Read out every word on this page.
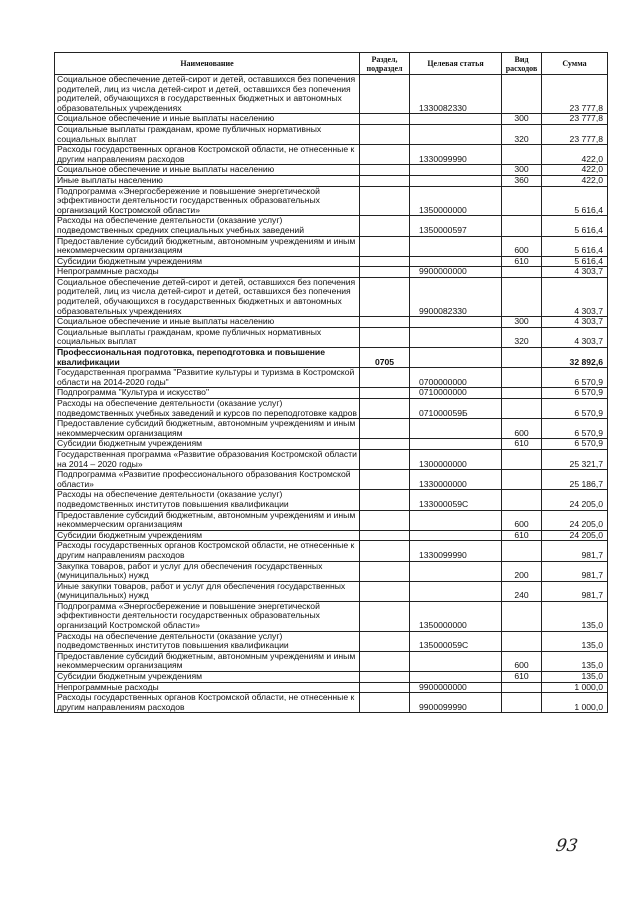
Наименование	Раздел, подраздел	Целевая статья	Вид расходов	Сумма
Социальное обеспечение детей-сирот и детей, оставшихся без попечения родителей, лиц из числа детей-сирот и детей, оставшихся без попечения родителей, обучающихся в государственных бюджетных и автономных образовательных учреждениях		1330082330		23 777,8
Социальное обеспечение и иные выплаты населению			300	23 777,8
Социальные выплаты гражданам, кроме публичных нормативных социальных выплат			320	23 777,8
Расходы государственных органов Костромской области, не отнесенные к другим направлениям расходов		1330099990		422,0
Социальное обеспечение и иные выплаты населению			300	422,0
Иные выплаты населению			360	422,0
Подпрограмма «Энергосбережение и повышение энергетической эффективности деятельности государственных образовательных организаций Костромской области»		1350000000		5 616,4
Расходы на обеспечение деятельности (оказание услуг) подведомственных средних специальных учебных заведений		1350000597		5 616,4
Предоставление субсидий бюджетным, автономным учреждениям и иным некоммерческим организациям			600	5 616,4
Субсидии бюджетным учреждениям			610	5 616,4
Непрограммные расходы		9900000000		4 303,7
Социальное обеспечение детей-сирот и детей, оставшихся без попечения родителей, лиц из числа детей-сирот и детей, оставшихся без попечения родителей, обучающихся в государственных бюджетных и автономных образовательных учреждениях		9900082330		4 303,7
Социальное обеспечение и иные выплаты населению			300	4 303,7
Социальные выплаты гражданам, кроме публичных нормативных социальных выплат			320	4 303,7
Профессиональная подготовка, переподготовка и повышение квалификации	0705			32 892,6
Государственная программа "Развитие культуры и туризма в Костромской области на 2014-2020 годы"		0700000000		6 570,9
Подпрограмма "Культура и искусство"		0710000000		6 570,9
Расходы на обеспечение деятельности (оказание услуг) подведомственных учебных заведений и курсов по переподготовке кадров		071000059Б		6 570,9
Предоставление субсидий бюджетным, автономным учреждениям и иным некоммерческим организациям			600	6 570,9
Субсидии бюджетным учреждениям			610	6 570,9
Государственная программа «Развитие образования Костромской области на 2014 – 2020 годы»		1300000000		25 321,7
Подпрограмма «Развитие профессионального образования Костромской области»		1330000000		25 186,7
Расходы на обеспечение деятельности (оказание услуг) подведомственных институтов повышения квалификации		133000059С		24 205,0
Предоставление субсидий бюджетным, автономным учреждениям и иным некоммерческим организациям			600	24 205,0
Субсидии бюджетным учреждениям			610	24 205,0
Расходы государственных органов Костромской области, не отнесенные к другим направлениям расходов		1330099990		981,7
Закупка товаров, работ и услуг для обеспечения государственных (муниципальных) нужд			200	981,7
Иные закупки товаров, работ и услуг для обеспечения государственных (муниципальных) нужд			240	981,7
Подпрограмма «Энергосбережение и повышение энергетической эффективности деятельности государственных образовательных организаций Костромской области»		1350000000		135,0
Расходы на обеспечение деятельности (оказание услуг) подведомственных институтов повышения квалификации		135000059С		135,0
Предоставление субсидий бюджетным, автономным учреждениям и иным некоммерческим организациям			600	135,0
Субсидии бюджетным учреждениям			610	135,0
Непрограммные расходы		9900000000		1 000,0
Расходы государственных органов Костромской области, не отнесенные к другим направлениям расходов		9900099990		1 000,0
93
